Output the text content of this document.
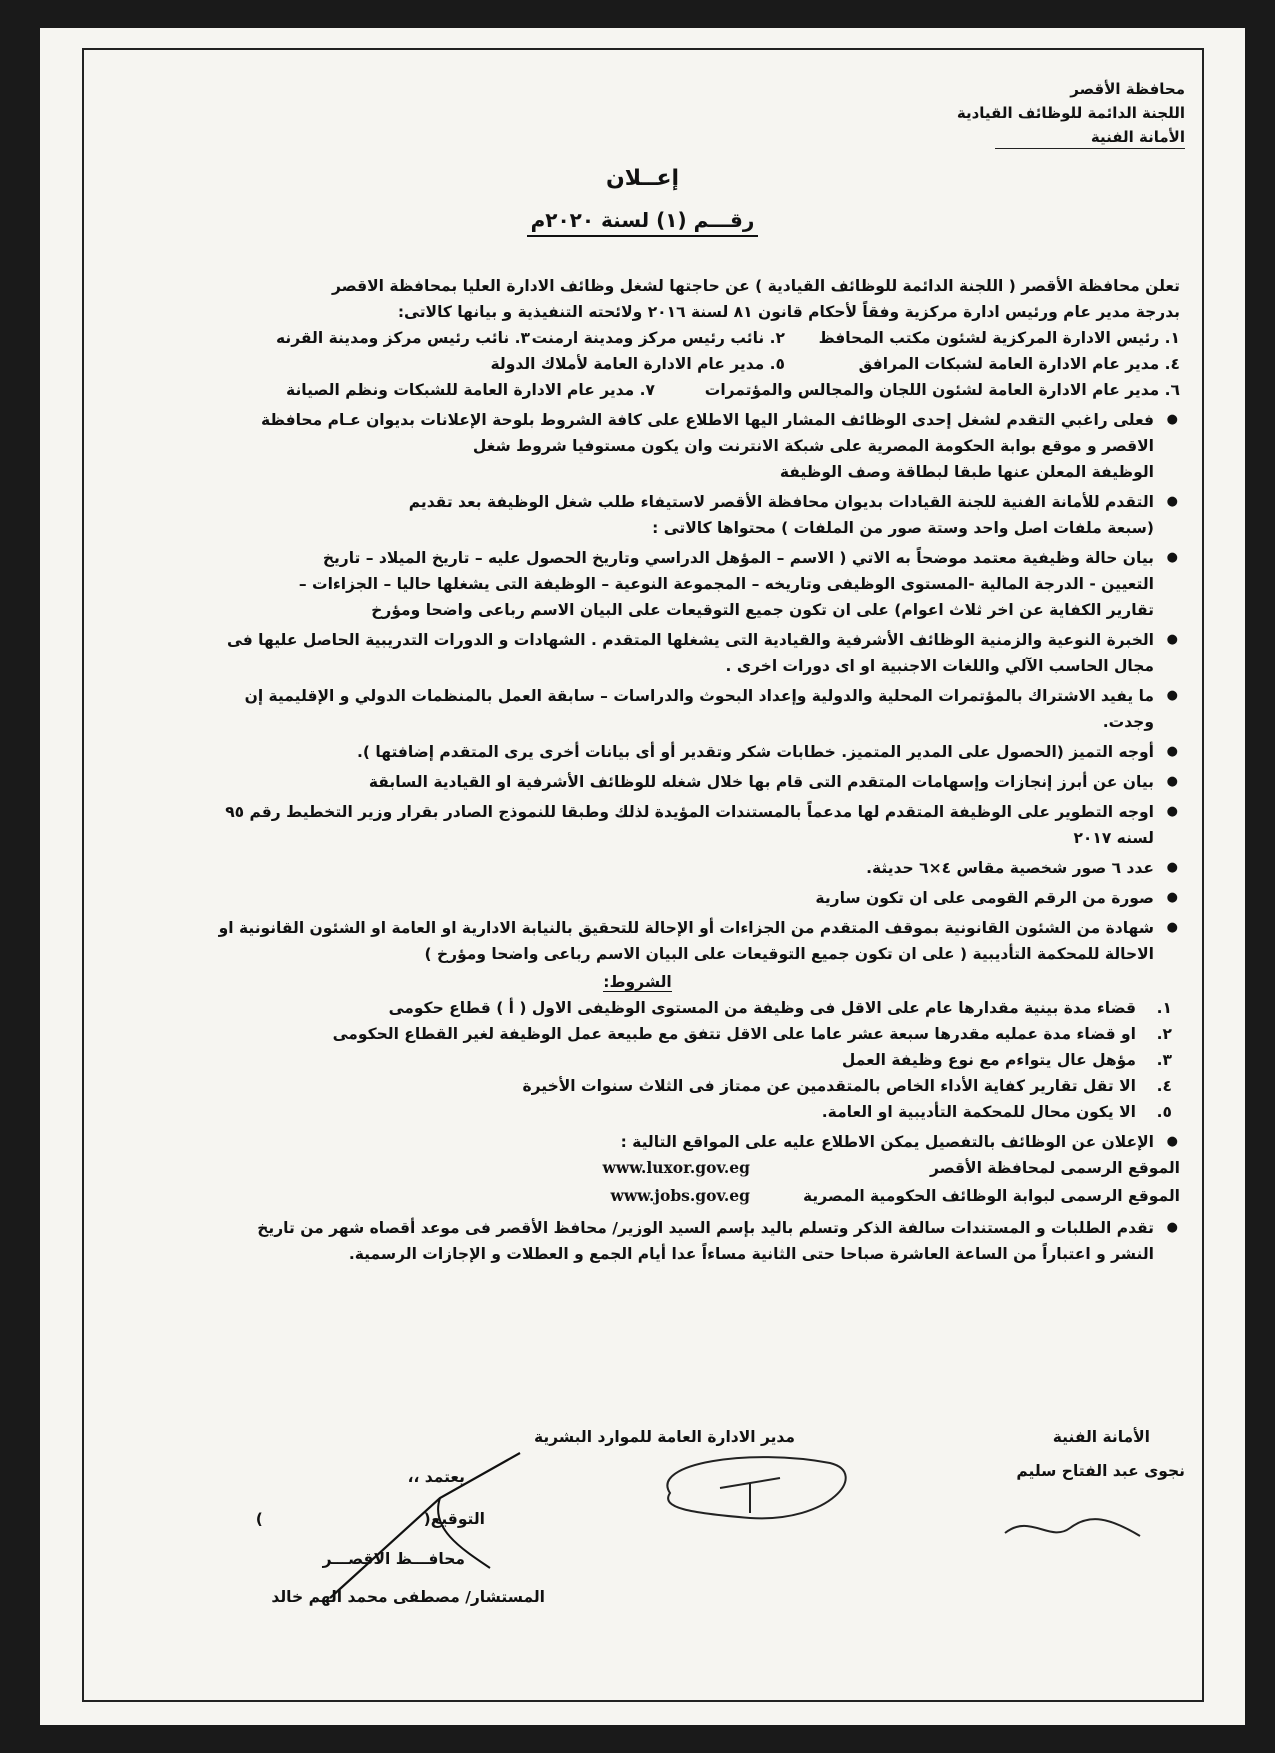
محافظة الأقصر
اللجنة الدائمة للوظائف القيادية
الأمانة الفنية
إعــلان
رقـــم (١) لسنة ٢٠٢٠م
تعلن محافظة الأقصر ( اللجنة الدائمة للوظائف القيادية ) عن حاجتها لشغل وظائف الادارة العليا بمحافظة الاقصر
بدرجة مدير عام ورئيس ادارة مركزية وفقاً لأحكام قانون ٨١ لسنة ٢٠١٦ ولائحته التنفيذية و بيانها كالاتى:
١. رئيس الادارة المركزية لشئون مكتب المحافظ
٢. نائب رئيس مركز ومدينة ارمنت
٣. نائب رئيس مركز ومدينة القرنه
٤. مدير عام الادارة العامة لشبكات المرافق
٥. مدير عام الادارة العامة لأملاك الدولة
٦. مدير عام الادارة العامة لشئون اللجان والمجالس والمؤتمرات
٧. مدير عام الادارة العامة للشبكات ونظم الصيانة
● فعلى راغبي التقدم لشغل إحدى الوظائف المشار اليها الاطلاع على كافة الشروط بلوحة الإعلانات بديوان عـام محافظة
الاقصر و موقع بوابة الحكومة المصرية على شبكة الانترنت وان يكون مستوفيا شروط شغل
الوظيفة المعلن عنها طبقا لبطاقة وصف الوظيفة
● التقدم للأمانة الفنية للجنة القيادات بديوان محافظة الأقصر لاستيفاء طلب شغل الوظيفة بعد تقديم
(سبعة ملفات اصل واحد وستة صور من الملفات ) محتواها كالاتى :
● بيان حالة وظيفية معتمد موضحاً به الاتي ( الاسم – المؤهل الدراسي وتاريخ الحصول عليه – تاريخ الميلاد – تاريخ
التعيين - الدرجة المالية -المستوى الوظيفى وتاريخه – المجموعة النوعية – الوظيفة التى يشغلها حاليا – الجزاءات –
تقارير الكفاية عن اخر ثلاث اعوام) على ان تكون جميع التوقيعات على البيان الاسم رباعى واضحا ومؤرخ
● الخبرة النوعية والزمنية الوظائف الأشرفية والقيادية التى يشغلها المتقدم . الشهادات و الدورات التدريبية الحاصل عليها فى
مجال الحاسب الآلي واللغات الاجنبية او اى دورات اخرى .
● ما يفيد الاشتراك بالمؤتمرات المحلية والدولية وإعداد البحوث والدراسات – سابقة العمل بالمنظمات الدولي و الإقليمية إن
وجدت.
● أوجه التميز (الحصول على المدير المتميز. خطابات شكر وتقدير أو أى بيانات أخرى يرى المتقدم إضافتها ).
● بيان عن أبرز إنجازات وإسهامات المتقدم التى قام بها خلال شغله للوظائف الأشرفية او القيادية السابقة
● اوجه التطوير على الوظيفة المتقدم لها مدعماً بالمستندات المؤيدة لذلك وطبقا للنموذج الصادر بقرار وزير التخطيط رقم ٩٥
لسنه ٢٠١٧
● عدد ٦ صور شخصية مقاس ٤×٦ حديثة.
● صورة من الرقم القومى على ان تكون سارية
● شهادة من الشئون القانونية بموقف المتقدم من الجزاءات أو الإحالة للتحقيق بالنيابة الادارية او العامة او الشئون القانونية او
الاحالة للمحكمة التأديبية ( على ان تكون جميع التوقيعات على البيان الاسم رباعى واضحا ومؤرخ )
الشروط:
١.
قضاء مدة بينية مقدارها عام على الاقل فى وظيفة من المستوى الوظيفى الاول ( أ ) قطاع حكومى
٢.
او قضاء مدة عمليه مقدرها سبعة عشر عاما على الاقل تتفق مع طبيعة عمل الوظيفة لغير القطاع الحكومى
٣.
مؤهل عال يتواءم مع نوع وظيفة العمل
٤.
الا تقل تقارير كفاية الأداء الخاص بالمتقدمين عن ممتاز فى الثلاث سنوات الأخيرة
٥.
الا يكون محال للمحكمة التأديبية او العامة.
● الإعلان عن الوظائف بالتفصيل يمكن الاطلاع عليه على المواقع التالية :
الموقع الرسمى لمحافظة الأقصر
www.luxor.gov.eg
الموقع الرسمى لبوابة الوظائف الحكومية المصرية
www.jobs.gov.eg
● تقدم الطلبات و المستندات سالفة الذكر وتسلم باليد بإسم السيد الوزير/ محافظ الأقصر فى موعد أقصاه شهر من تاريخ
النشر و اعتباراً من الساعة العاشرة صباحا حتى الثانية مساءاً عدا أيام الجمع و العطلات و الإجازات الرسمية.
الأمانة الفنية
نجوى عبد الفتاح سليم
مدير الادارة العامة للموارد البشرية
يعتمد ،،
التوقيع(  )
محافـــظ الاقصـــر
المستشار/ مصطفى محمد الهم خالد
